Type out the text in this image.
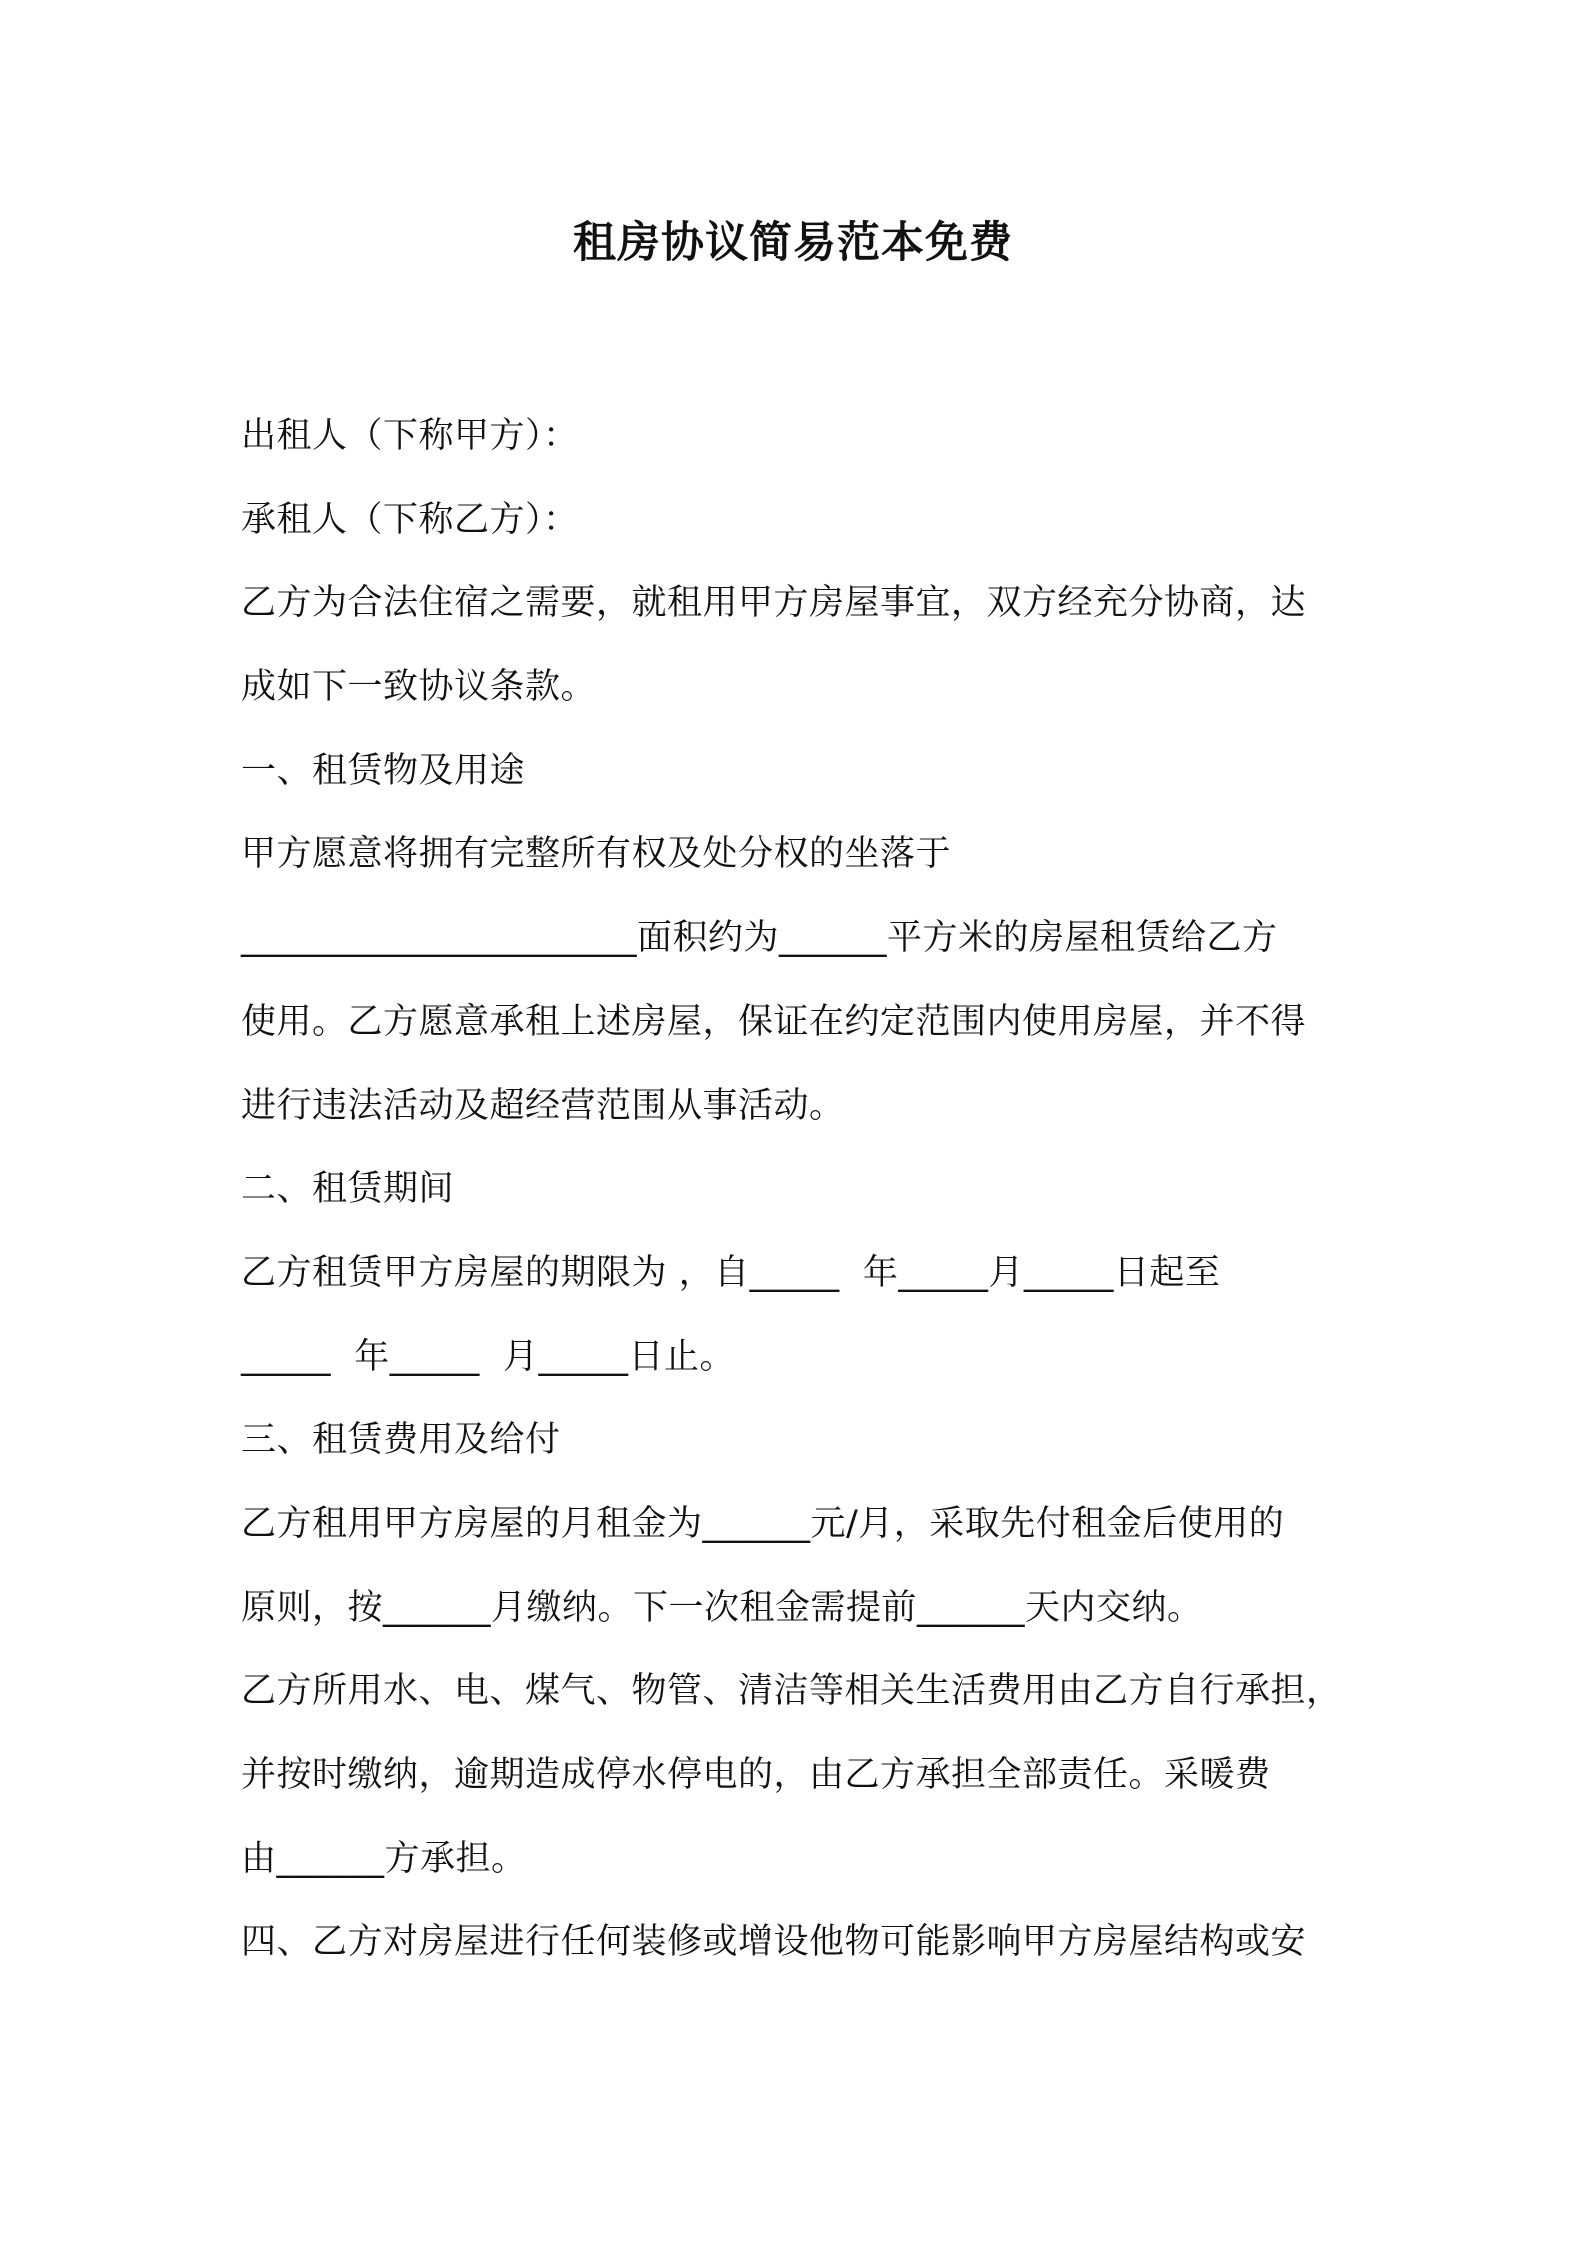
租房协议简易范本免费
出租人（下称甲方）：
承租人（下称乙方）：
乙方为合法住宿之需要，就租用甲方房屋事宜，双方经充分协商，达
成如下一致协议条款。
一、租赁物及用途
甲方愿意将拥有完整所有权及处分权的坐落于
______________________面积约为______平方米的房屋租赁给乙方
使用。乙方愿意承租上述房屋，保证在约定范围内使用房屋，并不得
进行违法活动及超经营范围从事活动。
二、租赁期间
乙方租赁甲方房屋的期限为 ，自_____  年_____月_____日起至
_____  年_____  月_____日止。
三、租赁费用及给付
乙方租用甲方房屋的月租金为______元/月，采取先付租金后使用的
原则，按______月缴纳。下一次租金需提前______天内交纳。
乙方所用水、电、煤气、物管、清洁等相关生活费用由乙方自行承担，
并按时缴纳，逾期造成停水停电的，由乙方承担全部责任。采暖费
由______方承担。
四、乙方对房屋进行任何装修或增设他物可能影响甲方房屋结构或安
